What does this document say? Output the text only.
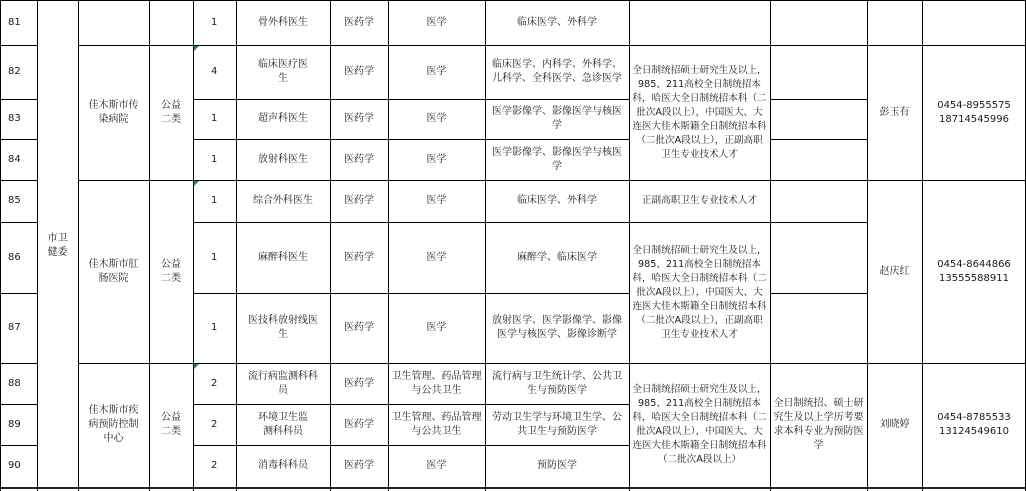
81
82
83
84
85
86
87
88
89
90
市卫健委
佳木斯市传染病院
佳木斯市肛肠医院
佳木斯市疾病预防控制中心
公益二类
公益二类
公益二类
1
4
1
1
1
1
1
2
2
2
骨外科医生
临床医疗医生
超声科医生
放射科医生
综合外科医生
麻醉科医生
医技科放射线医生
流行病监测科科员
环境卫生监测科科员
消毒科科员
医药学
医药学
医药学
医药学
医药学
医药学
医药学
医药学
医药学
医药学
医学
医学
医学
医学
医学
医学
医学
卫生管理、药品管理与公共卫生
卫生管理、药品管理与公共卫生
医学
临床医学、外科学
临床医学、内科学、外科学、儿科学、全科医学、急诊医学
医学影像学、影像医学与核医学
医学影像学、影像医学与核医学
临床医学、外科学
麻醉学、临床医学
放射医学、医学影像学、影像医学与核医学、影像诊断学
流行病与卫生统计学、公共卫生与预防医学
劳动卫生学与环境卫生学、公共卫生与预防医学
预防医学
全日制统招硕士研究生及以上，985、211高校全日制统招本科，哈医大全日制统招本科（二批次A段以上），中国医大、大连医大佳木斯籍全日制统招本科（二批次A段以上），正副高职卫生专业技术人才
正副高职卫生专业技术人才
全日制统招硕士研究生及以上，985、211高校全日制统招本科，哈医大全日制统招本科（二批次A段以上），中国医大、大连医大佳木斯籍全日制统招本科（二批次A段以上），正副高职卫生专业技术人才
全日制统招硕士研究生及以上，985、211高校全日制统招本科，哈医大全日制统招本科（二批次A段以上），中国医大、大连医大佳木斯籍全日制统招本科（二批次A段以上）
全日制统招、硕士研究生及以上学历考要求本科专业为预防医学
彭玉有
赵庆红
刘晓婷
0454-8955575
18714545996
0454-8644866
13555588911
0454-8785533
13124549610
